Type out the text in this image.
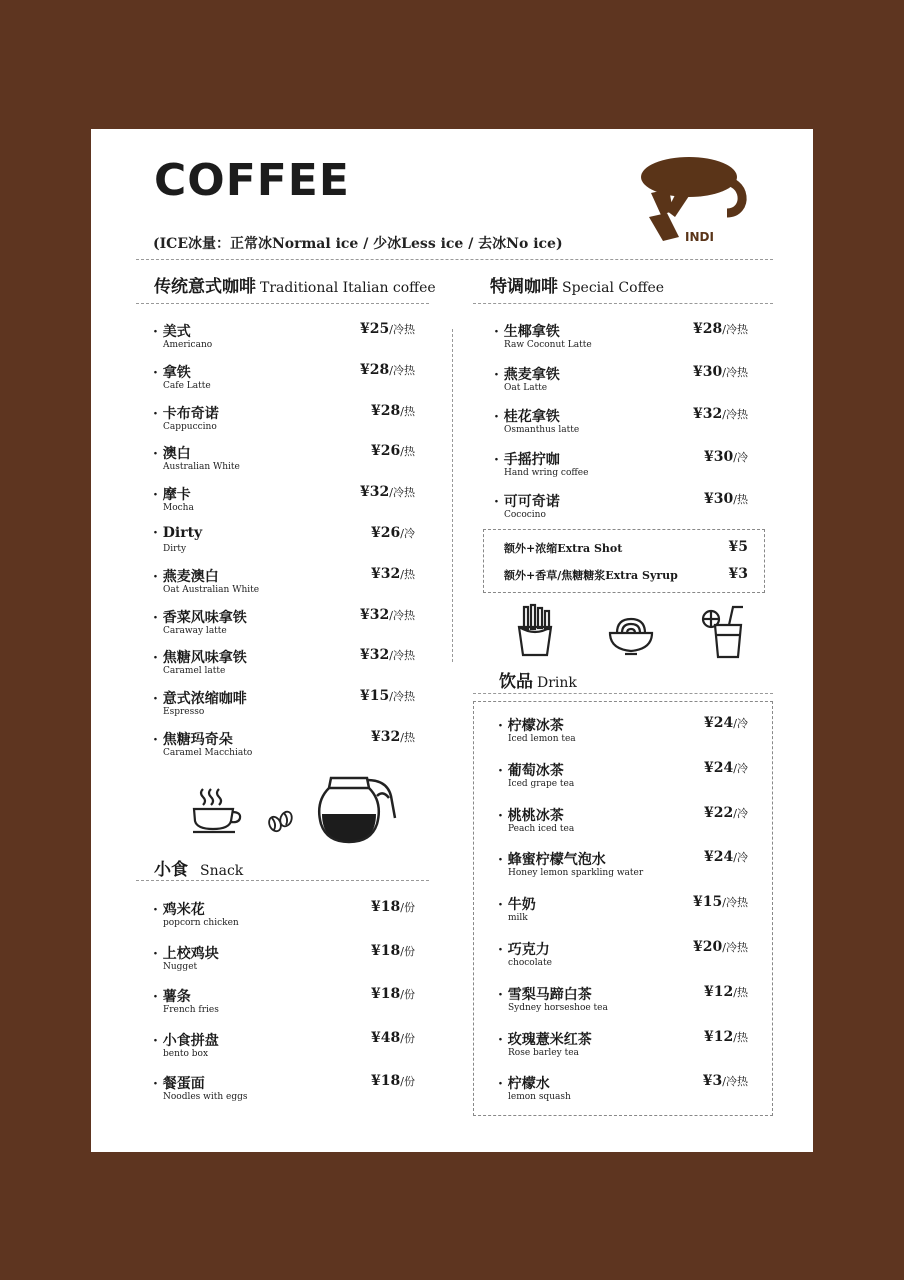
COFFEE
(ICE冰量：正常冰Normal ice / 少冰Less ice / 去冰No ice)	INDI
传统意式咖啡 Traditional Italian coffee
· 美式
Americano
¥25/冷热
· 拿铁
Cafe Latte
¥28/冷热
· 卡布奇诺
Cappuccino
¥28/热
· 澳白
Australian White
¥26/热
· 摩卡
Mocha
¥32/冷热
· Dirty
Dirty
¥26/冷
· 燕麦澳白
Oat Australian White
¥32/热
· 香菜风味拿铁
Caraway latte
¥32/冷热
· 焦糖风味拿铁
Caramel latte
¥32/冷热
· 意式浓缩咖啡
Espresso
¥15/冷热
· 焦糖玛奇朵
Caramel Macchiato
¥32/热
特调咖啡 Special Coffee
· 生椰拿铁
Raw Coconut Latte
¥28/冷热
· 燕麦拿铁
Oat Latte
¥30/冷热
· 桂花拿铁
Osmanthus latte
¥32/冷热
· 手摇拧咖
Hand wring coffee
¥30/冷
· 可可奇诺
Cococino
¥30/热
额外+浓缩Extra Shot	¥5
额外+香草/焦糖糖浆Extra Syrup	¥3
饮品 Drink
· 柠檬冰茶
Iced lemon tea
¥24/冷
· 葡萄冰茶
Iced grape tea
¥24/冷
· 桃桃冰茶
Peach iced tea
¥22/冷
· 蜂蜜柠檬气泡水
Honey lemon sparkling water
¥24/冷
· 牛奶
milk
¥15/冷热
· 巧克力
chocolate
¥20/冷热
· 雪梨马蹄白茶
Sydney horseshoe tea
¥12/热
· 玫瑰薏米红茶
Rose barley tea
¥12/热
· 柠檬水
lemon squash
¥3/冷热
小食 Snack
· 鸡米花
popcorn chicken
¥18/份
· 上校鸡块
Nugget
¥18/份
· 薯条
French fries
¥18/份
· 小食拼盘
bento box
¥48/份
· 餐蛋面
Noodles with eggs
¥18/份
